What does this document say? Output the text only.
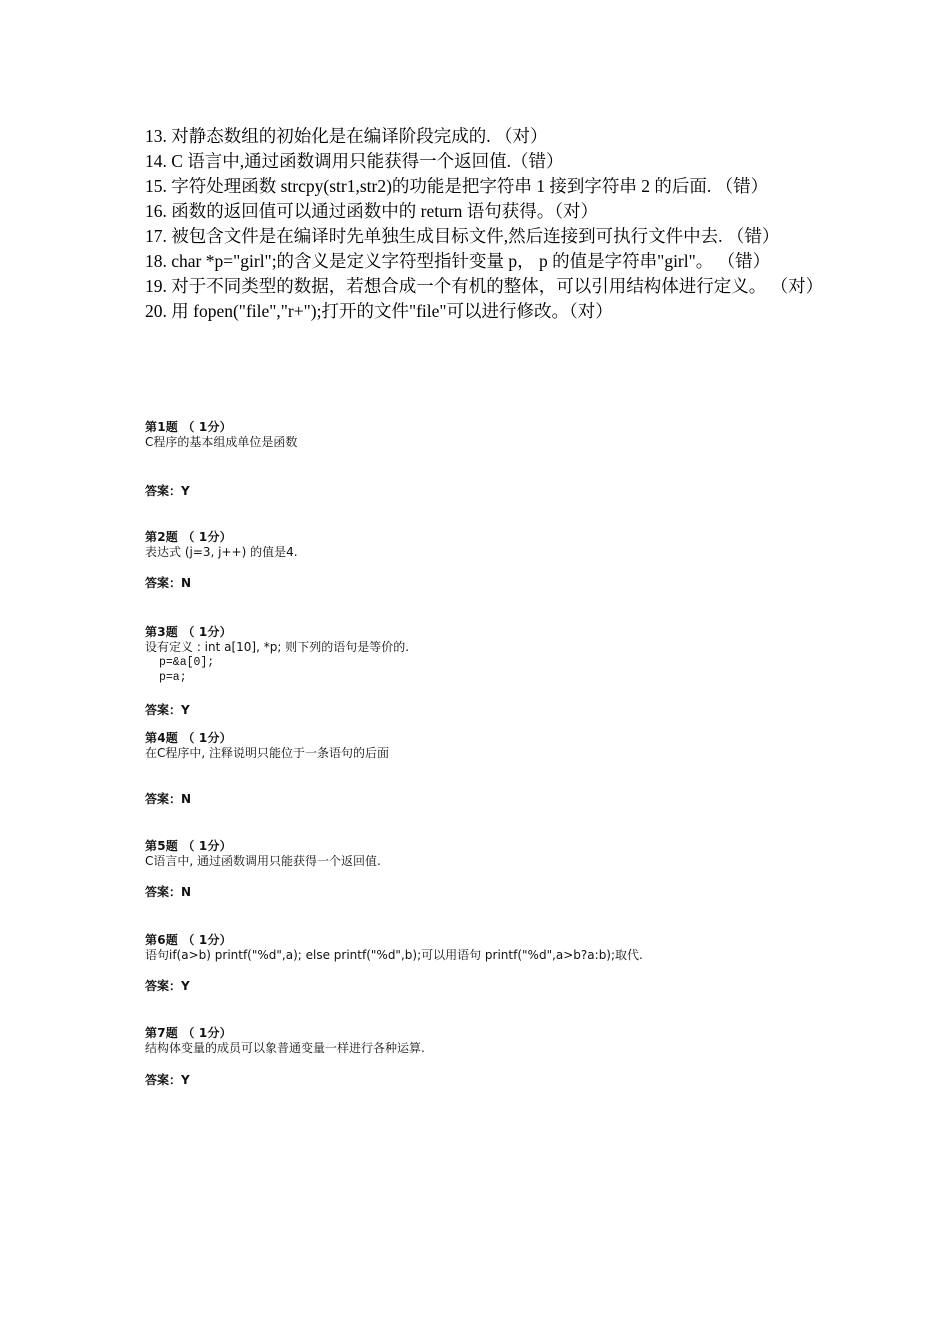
13. 对静态数组的初始化是在编译阶段完成的. （对）

14. C 语言中,通过函数调用只能获得一个返回值.（错）

15. 字符处理函数 strcpy(str1,str2)的功能是把字符串 1 接到字符串 2 的后面. （错）

16. 函数的返回值可以通过函数中的 return 语句获得。（对）

17. 被包含文件是在编译时先单独生成目标文件,然后连接到可执行文件中去. （错）

18. char *p="girl";的含义是定义字符型指针变量 p， p 的值是字符串"girl"。 （错）

19. 对于不同类型的数据，若想合成一个有机的整体，可以引用结构体进行定义。 （对）

20. 用 fopen("file","r+");打开的文件"file"可以进行修改。（对）

第1题 （ 1分）
C程序的基本组成单位是函数
答案：Y
第2题 （ 1分）
表达式 (j=3, j++) 的值是4.
答案：N
第3题 （ 1分）
设有定义 : int a[10], *p; 则下列的语句是等价的.
p=&a[0];
p=a;
答案：Y
第4题 （ 1分）
在C程序中, 注释说明只能位于一条语句的后面
答案：N
第5题 （ 1分）
C语言中, 通过函数调用只能获得一个返回值.
答案：N
第6题 （ 1分）
语句if(a>b) printf("%d",a); else printf("%d",b);可以用语句 printf("%d",a>b?a:b);取代.
答案：Y
第7题 （ 1分）
结构体变量的成员可以象普通变量一样进行各种运算.
答案：Y
